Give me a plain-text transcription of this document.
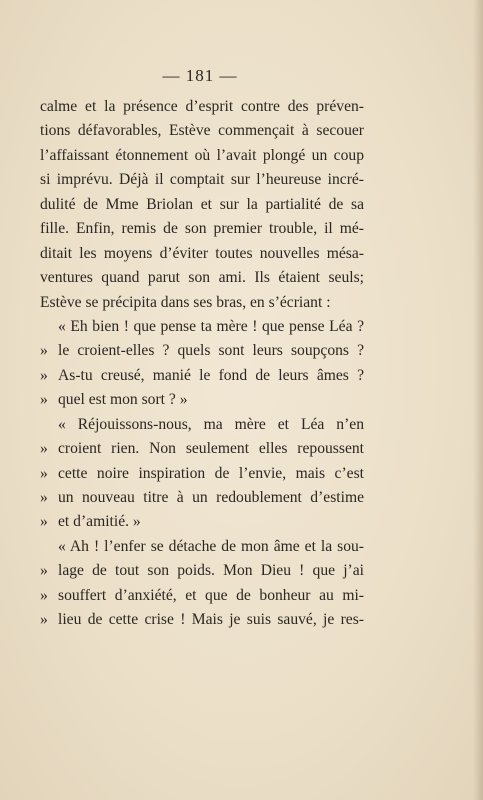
— 181 —
calme et la présence d’esprit contre des préven-
tions défavorables, Estève commençait à secouer
l’affaissant étonnement où l’avait plongé un coup
si imprévu. Déjà il comptait sur l’heureuse incré-
dulité de Mme Briolan et sur la partialité de sa
fille. Enfin, remis de son premier trouble, il mé-
ditait les moyens d’éviter toutes nouvelles mésa-
ventures quand parut son ami. Ils étaient seuls;
Estève se précipita dans ses bras, en s’écriant :
« Eh bien ! que pense ta mère ! que pense Léa ?
» le croient-elles ? quels sont leurs soupçons ?
» As-tu creusé, manié le fond de leurs âmes ?
» quel est mon sort ? »
« Réjouissons-nous, ma mère et Léa n’en
» croient rien. Non seulement elles repoussent
» cette noire inspiration de l’envie, mais c’est
» un nouveau titre à un redoublement d’estime
» et d’amitié. »
« Ah ! l’enfer se détache de mon âme et la sou-
» lage de tout son poids. Mon Dieu ! que j’ai
» souffert d’anxiété, et que de bonheur au mi-
» lieu de cette crise ! Mais je suis sauvé, je res-
